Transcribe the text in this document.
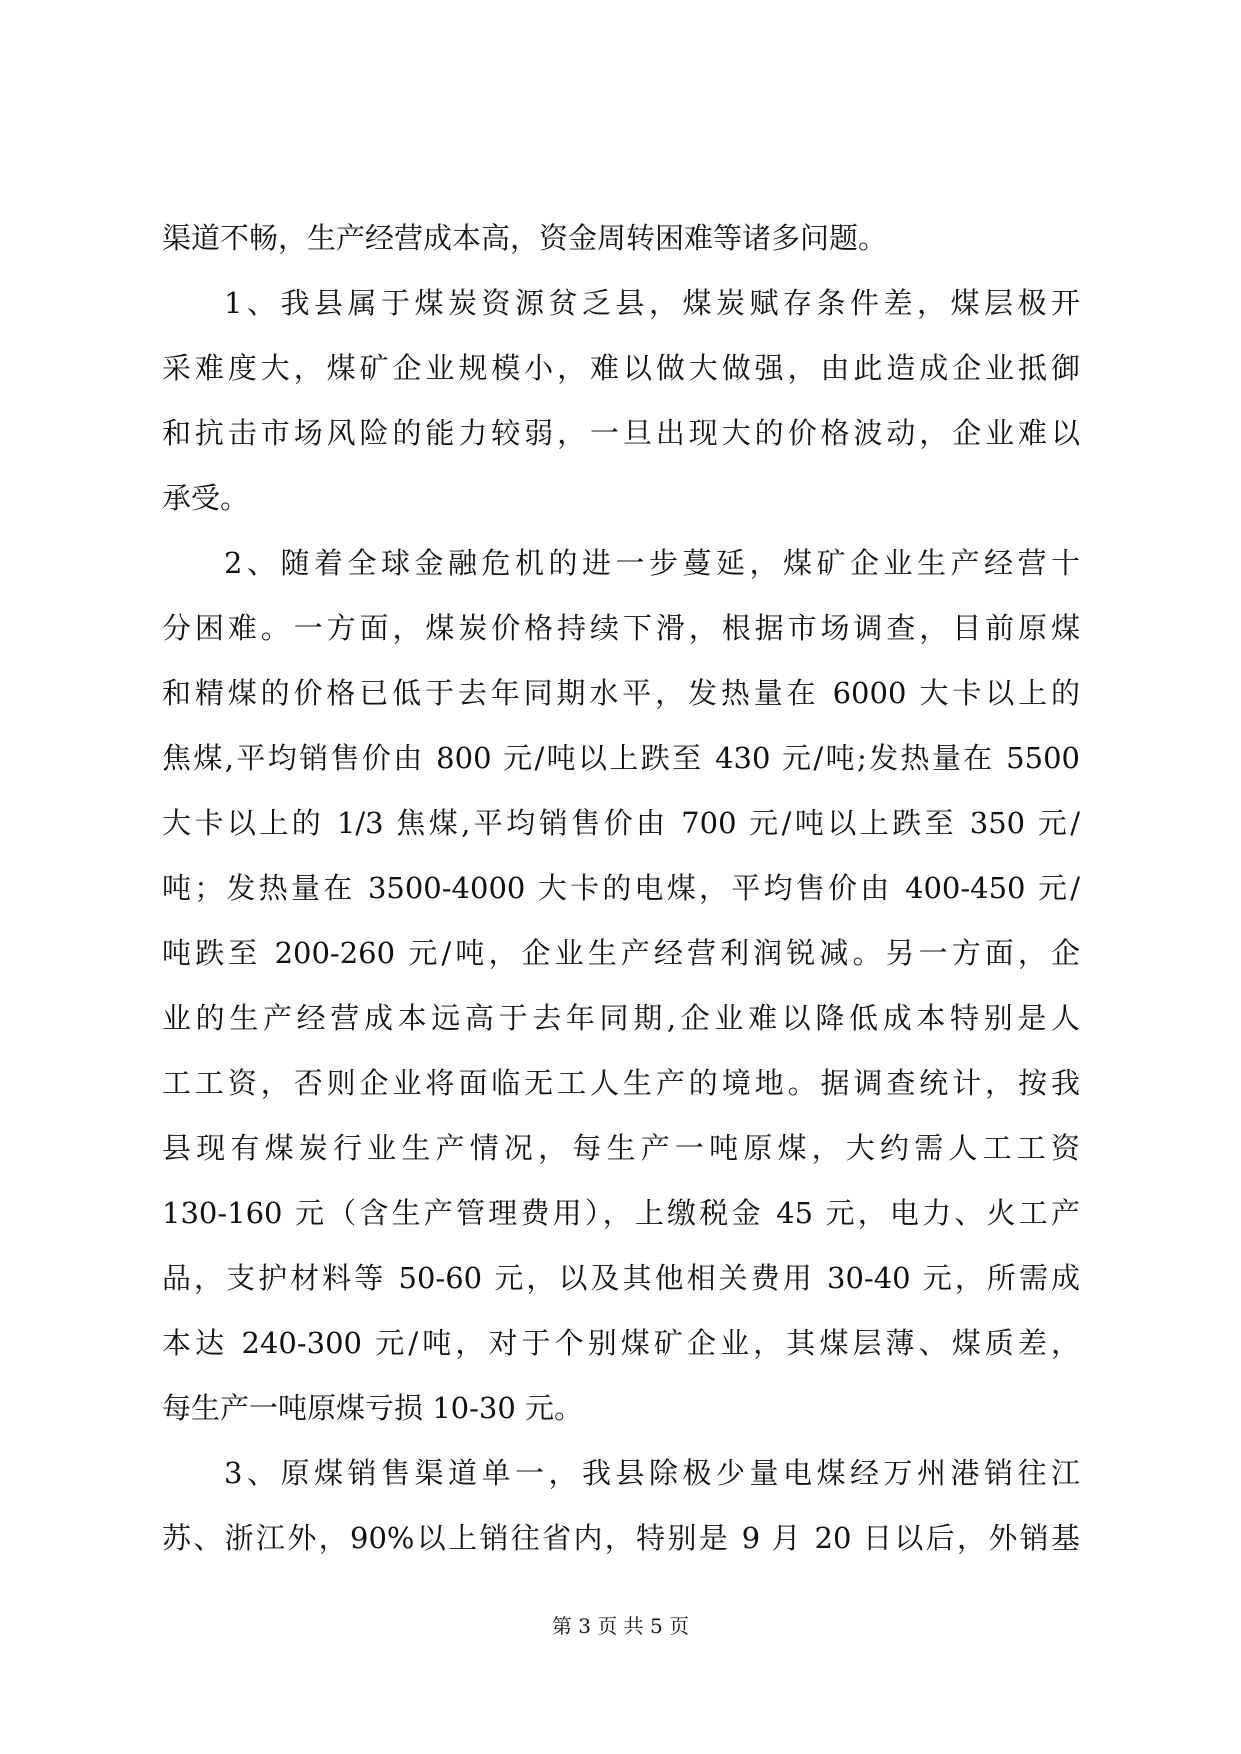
渠道不畅，生产经营成本高，资金周转困难等诸多问题。
1、我县属于煤炭资源贫乏县，煤炭赋存条件差，煤层极开
采难度大，煤矿企业规模小，难以做大做强，由此造成企业抵御
和抗击市场风险的能力较弱，一旦出现大的价格波动，企业难以
承受。
2、随着全球金融危机的进一步蔓延，煤矿企业生产经营十
分困难。一方面，煤炭价格持续下滑，根据市场调查，目前原煤
和精煤的价格已低于去年同期水平，发热量在 6000 大卡以上的
焦煤,平均销售价由 800 元/吨以上跌至 430 元/吨;发热量在 5500
大卡以上的 1/3 焦煤,平均销售价由 700 元/吨以上跌至 350 元/
吨；发热量在 3500-4000 大卡的电煤，平均售价由 400-450 元/
吨跌至 200-260 元/吨，企业生产经营利润锐减。另一方面，企
业的生产经营成本远高于去年同期,企业难以降低成本特别是人
工工资，否则企业将面临无工人生产的境地。据调查统计，按我
县现有煤炭行业生产情况，每生产一吨原煤，大约需人工工资
130-160 元（含生产管理费用），上缴税金 45 元，电力、火工产
品，支护材料等 50-60 元，以及其他相关费用 30-40 元，所需成
本达 240-300 元/吨，对于个别煤矿企业，其煤层薄、煤质差，
每生产一吨原煤亏损 10-30 元。
3、原煤销售渠道单一，我县除极少量电煤经万州港销往江
苏、浙江外，90%以上销往省内，特别是 9 月 20 日以后，外销基
第 3 页 共 5 页
